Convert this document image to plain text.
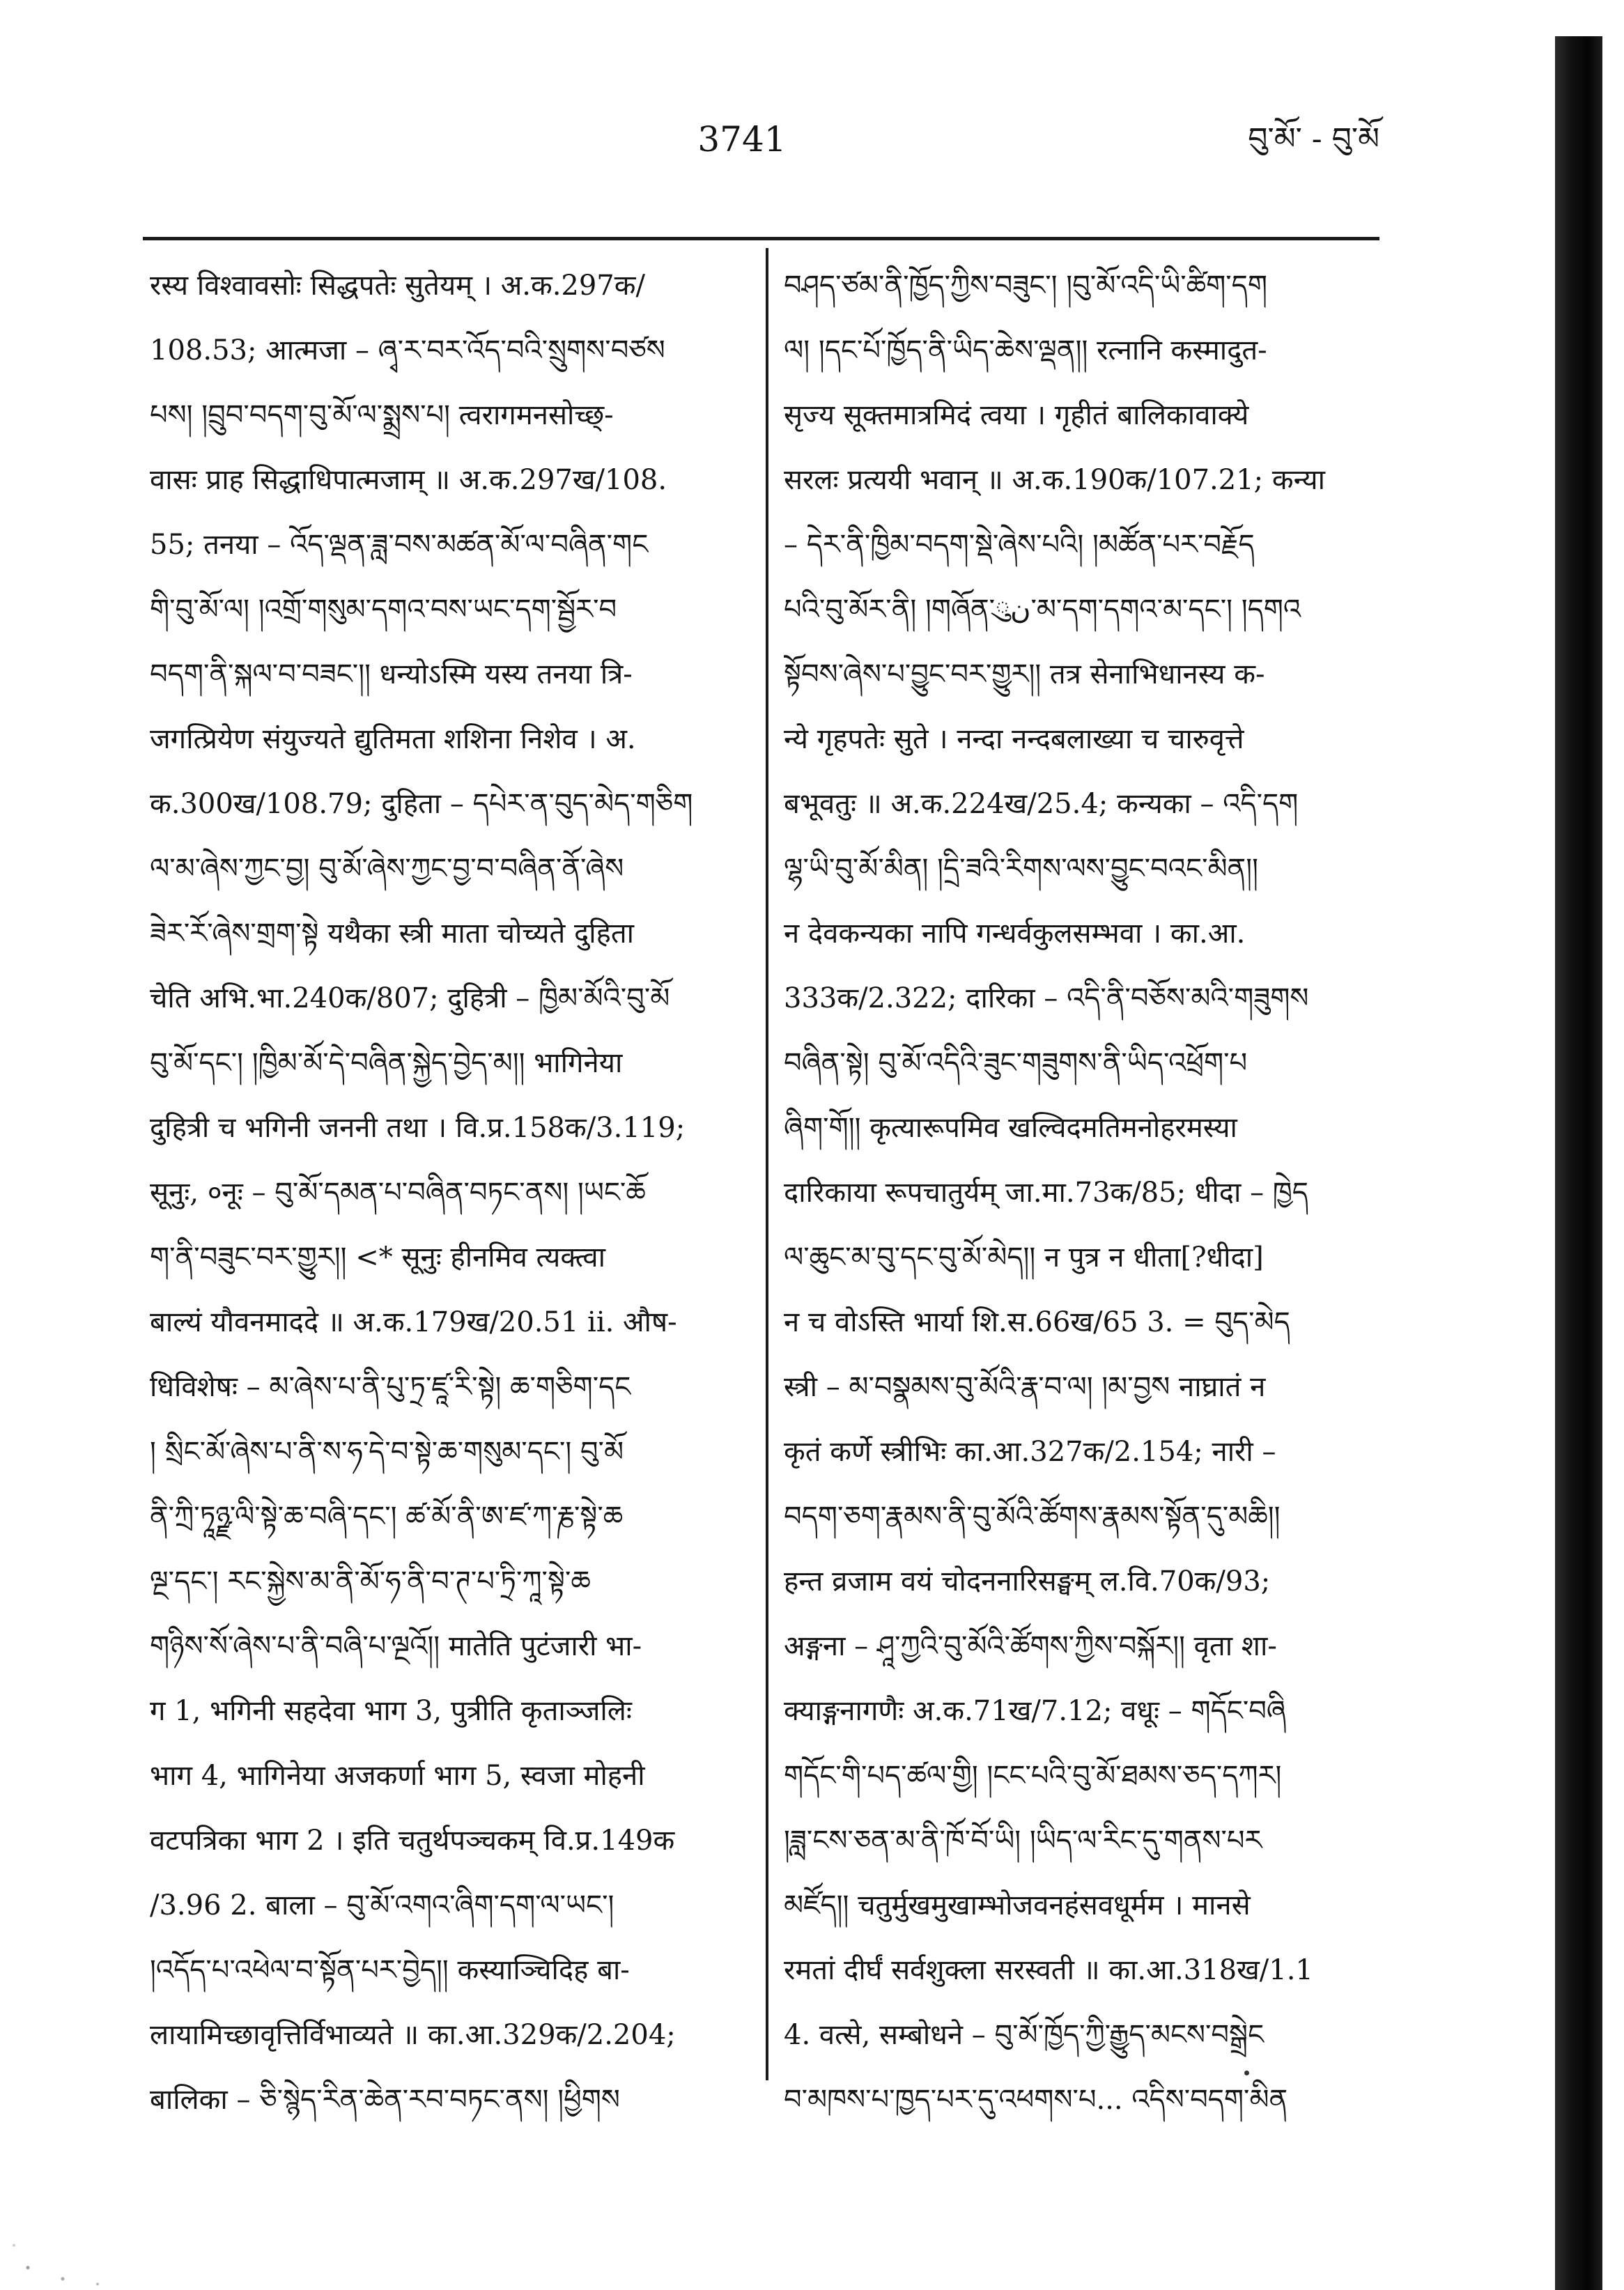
3741	བུ་མོ་ - བུ་མོ
रस्य विश्वावसोः सिद्धपतेः सुतेयम् । अ.क.297क/
108.53; आत्मजा – ཞྭ་ར་བར་འོད་བའི་སྲུགས་བཙས
པས། །བྲུབ་བདག་བུ་མོ་ལ་སྨྲས་པ། त्वरागमनसोच्छ्-
वासः प्राह सिद्धाधिपात्मजाम् ॥ अ.क.297ख/108.
55; तनया – འོད་ལྡན་ཟླ་བས་མཚན་མོ་ལ་བཞིན་གང
གི་བུ་མོ་ལ། །འགྲོ་གསུམ་དགའ་བས་ཡང་དག་སྦྱོར་བ
བདག་ནི་སྐལ་བ་བཟང་།། धन्योऽस्मि यस्य तनया त्रि-
जगत्प्रियेण संयुज्यते द्युतिमता शशिना निशेव । अ.
क.300ख/108.79; दुहिता – དཔེར་ན་བུད་མེད་གཅིག
ལ་མ་ཞེས་ཀྱང་བྱ། བུ་མོ་ཞེས་ཀྱང་བྱ་བ་བཞིན་ནོ་ཞེས
ཟེར་རོ་ཞེས་གྲག་སྟེ यथैका स्त्री माता चोच्यते दुहिता
चेति अभि.भा.240क/807; दुहित्री – ཁྱིམ་མོའི་བུ་མོ
བུ་མོ་དང་། །ཁྱིམ་མོ་དེ་བཞིན་སྐྱེད་བྱེད་མ།། भागिनेया
दुहित्री च भगिनी जननी तथा । वि.प्र.158क/3.119;
सूनुः, ०नूः – བུ་མོ་དམན་པ་བཞིན་བཏང་ནས། །ཡང་ཆོ
ག་ནི་བཟུང་བར་གྱུར།། <* सूनुः हीनमिव त्यक्त्वा
बाल्यं यौवनमाददे ॥ अ.क.179ख/20.51 ii. औष-
धिविशेषः – མ་ཞེས་པ་ནི་པུ་ཏྲ་ཛཱ་རི་སྟེ། ཆ་གཅིག་དང
། སྲིང་མོ་ཞེས་པ་ནི་ས་ཧ་དེ་བ་སྟེ་ཆ་གསུམ་དང་། བུ་མོ
ནི་ཀྲི་ཏཱཉྫ་ལི་སྟེ་ཆ་བཞི་དང་། ཚ་མོ་ནི་ཨ་ཛ་ཀ་རྞ་སྟེ་ཆ
ལྔ་དང་། རང་སྐྱེས་མ་ནི་མོ་ཧ་ནི་བ་ཊ་པ་ཏྲི་ཀཱ་སྟེ་ཆ
གཉིས་སོ་ཞེས་པ་ནི་བཞི་པ་ལྔའོ།། मातेति पुटंजारी भा-
ग 1, भगिनी सहदेवा भाग 3, पुत्रीति कृताञ्जलिः
भाग 4, भागिनेया अजकर्णा भाग 5, स्वजा मोहनी
वटपत्रिका भाग 2 । इति चतुर्थपञ्चकम् वि.प्र.149क
/3.96 2. बाला – བུ་མོ་འགའ་ཞིག་དག་ལ་ཡང་།
།འདོད་པ་འཕེལ་བ་སྟོན་པར་བྱེད།། कस्याञ्चिदिह बा-
लायामिच्छावृत्तिर्विभाव्यते ॥ का.आ.329क/2.204;
बालिका – ཅི་སྙེད་རིན་ཆེན་རབ་བཏང་ནས། །ཕྱིགས
བཤད་ཙམ་ནི་ཁྱོད་ཀྱིས་བཟུང་། །བུ་མོ་འདི་ཡི་ཚིག་དག
ལ། །དང་པོ་ཁྱོད་ནི་ཡིད་ཆེས་ལྡན།། रत्नानि कस्मादुत-
सृज्य सूक्तमात्रमिदं त्वया । गृहीतं बालिकावाक्ये
सरलः प्रत्ययी भवान् ॥ अ.क.190क/107.21; कन्या
– དེར་ནི་ཁྱིམ་བདག་སྡེ་ཞེས་པའི། །མཚོན་པར་བརྗོད
པའི་བུ་མོར་ནི། །གཞོན་نུ་མ་དག་དགའ་མ་དང་། །དགའ
སྟོབས་ཞེས་པ་བྱུང་བར་གྱུར།། तत्र सेनाभिधानस्य क-
न्ये गृहपतेः सुते । नन्दा नन्दबलाख्या च चारुवृत्ते
बभूवतुः ॥ अ.क.224ख/25.4; कन्यका – འདི་དག
ལྷ་ཡི་བུ་མོ་མིན། །དྲི་ཟའི་རིགས་ལས་བྱུང་བའང་མིན།།
न देवकन्यका नापि गन्धर्वकुलसम्भवा । का.आ.
333क/2.322; दारिका – འདི་ནི་བཅོས་མའི་གཟུགས
བཞིན་སྟེ། བུ་མོ་འདིའི་ཟུང་གཟུགས་ནི་ཡིད་འཕྲོག་པ
ཞིག་གོ།། कृत्यारूपमिव खल्विदमतिमनोहरमस्या
दारिकाया रूपचातुर्यम् जा.मा.73क/85; धीदा – ཁྱེད
ལ་ཆུང་མ་བུ་དང་བུ་མོ་མེད།། न पुत्र न धीता[?धीदा]
न च वोऽस्ति भार्या शि.स.66ख/65 3. = བུད་མེད
स्त्री – མ་བསྣམས་བུ་མོའི་རྣ་བ་ལ། །མ་བྱས नाघ्रातं न
कृतं कर्णे स्त्रीभिः का.आ.327क/2.154; नारी –
བདག་ཅག་རྣམས་ནི་བུ་མོའི་ཚོགས་རྣམས་སྟོན་དུ་མཆི།།
हन्त व्रजाम वयं चोदननारिसङ्घम् ल.वि.70क/93;
अङ्गना – ཤཱ་ཀྱའི་བུ་མོའི་ཚོགས་ཀྱིས་བསྐོར།། वृता शा-
क्याङ्गनागणैः अ.क.71ख/7.12; वधूः – གདོང་བཞི
གདོང་གི་པད་ཚལ་གྱི། །ངང་པའི་བུ་མོ་ཐམས་ཅད་དཀར།
།ཟླ་ངས་ཅན་མ་ནི་ཁོ་བོ་ཡི། །ཡིད་ལ་རིང་དུ་གནས་པར
མཛོད།། चतुर्मुखमुखाम्भोजवनहंसवधूर्मम । मानसे
रमतां दीर्घं सर्वशुक्ला सरस्वती ॥ का.आ.318ख/1.1
4. वत्से, सम्बोधने – བུ་མོ་ཁྱོད་ཀྱི་རྒྱུད་མངས་བསྒྲེང
བ་མཁས་པ་ཁྱད་པར་དུ་འཕགས་པ... འདིས་བདག་མིན
